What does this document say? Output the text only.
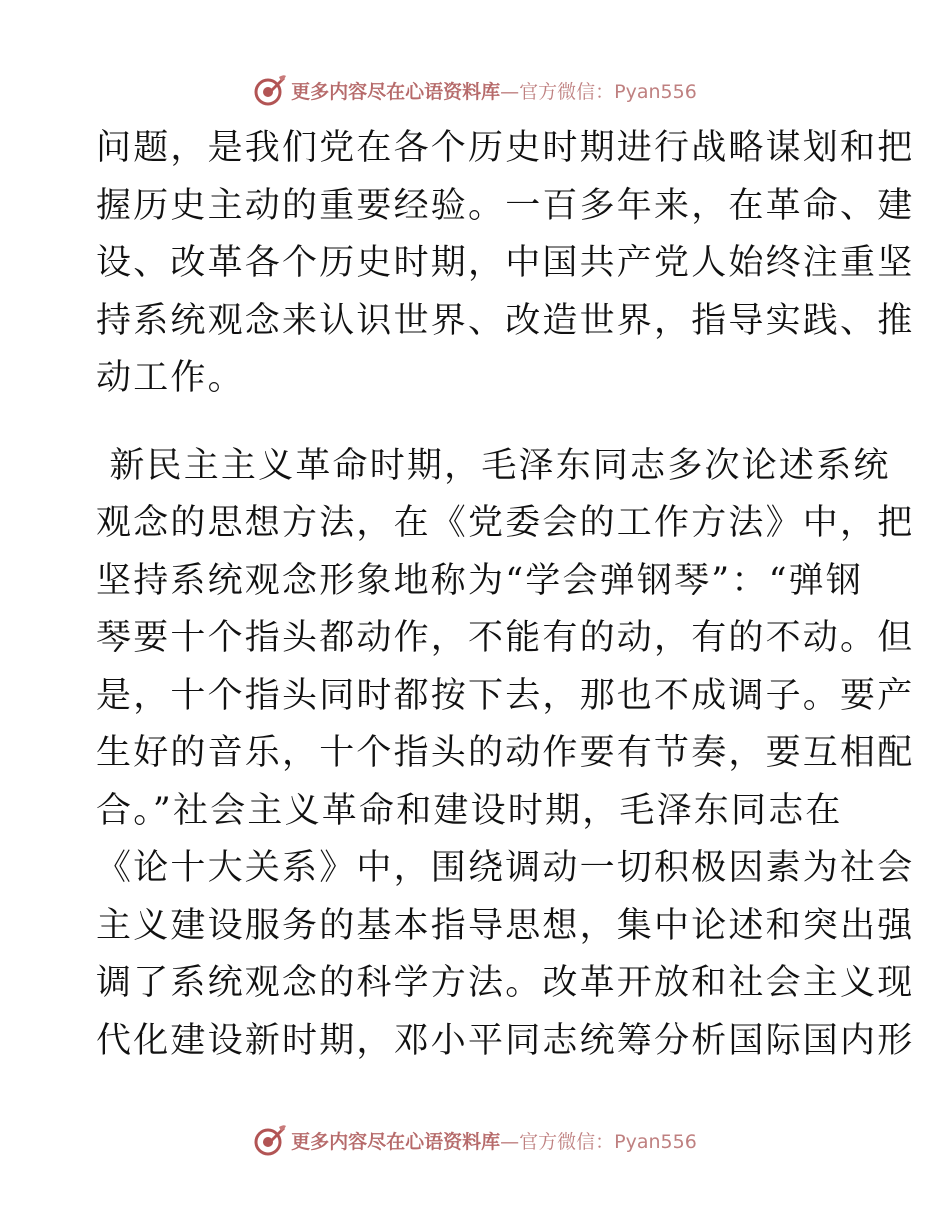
更多内容尽在心语资料库 —官方微信：Pyan556
问题，是我们党在各个历史时期进行战略谋划和把
握历史主动的重要经验。一百多年来，在革命、建
设、改革各个历史时期，中国共产党人始终注重坚
持系统观念来认识世界、改造世界，指导实践、推
动工作。
新民主主义革命时期，毛泽东同志多次论述系统
观念的思想方法，在《党委会的工作方法》中，把
坚持系统观念形象地称为“学会弹钢琴”：“弹钢
琴要十个指头都动作，不能有的动，有的不动。但
是，十个指头同时都按下去，那也不成调子。要产
生好的音乐，十个指头的动作要有节奏，要互相配
合。”社会主义革命和建设时期，毛泽东同志在
《论十大关系》中，围绕调动一切积极因素为社会
主义建设服务的基本指导思想，集中论述和突出强
调了系统观念的科学方法。改革开放和社会主义现
代化建设新时期，邓小平同志统筹分析国际国内形
更多内容尽在心语资料库 —官方微信：Pyan556
